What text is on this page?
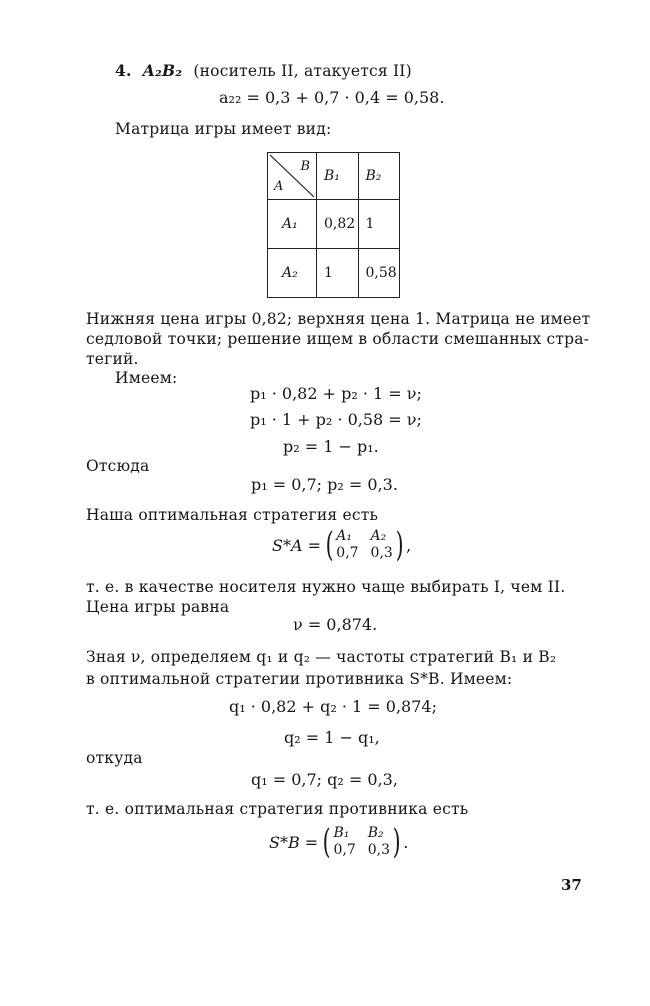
4. A₂B₂ (носитель II, атакуется II)
a₂₂ = 0,3 + 0,7 · 0,4 = 0,58.
Матрица игры имеет вид:
B
A	B₁	B₂
A₁	0,82	1
A₂	1	0,58
Нижняя цена игры 0,82; верхняя цена 1. Матрица не имеет
седловой точки; решение ищем в области смешанных стра-
тегий.
Имеем:
p₁ · 0,82 + p₂ · 1 = ν;
p₁ · 1 + p₂ · 0,58 = ν;
p₂ = 1 − p₁.
Отсюда
p₁ = 0,7; p₂ = 0,3.
Наша оптимальная стратегия есть
S*A = ( A₁	A₂
0,7 0,3 ) ,
т. е. в качестве носителя нужно чаще выбирать I, чем II.
Цена игры равна
ν = 0,874.
Зная ν, определяем q₁ и q₂ — частоты стратегий B₁ и B₂
в оптимальной стратегии противника S*B. Имеем:
q₁ · 0,82 + q₂ · 1 = 0,874;
q₂ = 1 − q₁,
откуда
q₁ = 0,7; q₂ = 0,3,
т. е. оптимальная стратегия противника есть
S*B = ( B₁	B₂
0,7 0,3 ) .
37
